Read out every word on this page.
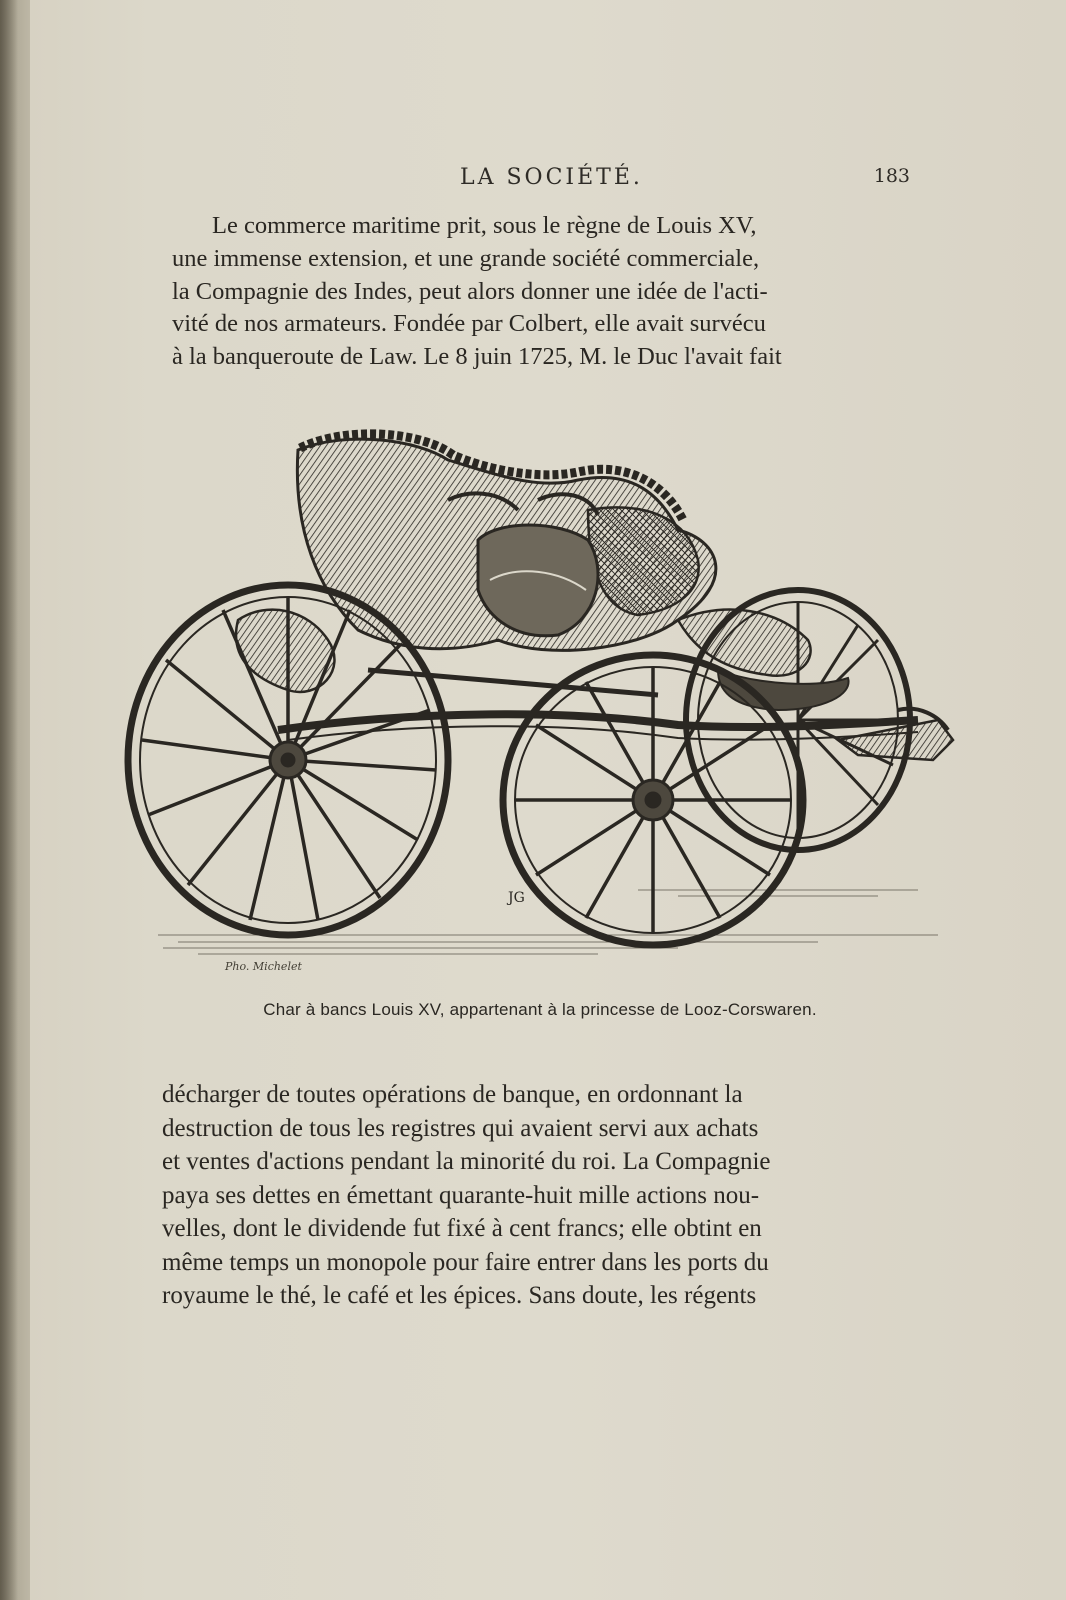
LA SOCIÉTÉ.	183
Le commerce maritime prit, sous le règne de Louis XV,
une immense extension, et une grande société commerciale,
la Compagnie des Indes, peut alors donner une idée de l'acti-
vité de nos armateurs. Fondée par Colbert, elle avait survécu
à la banqueroute de Law. Le 8 juin 1725, M. le Duc l'avait fait
JG
Pho. Michelet
Char à bancs Louis XV, appartenant à la princesse de Looz-Corswaren.
décharger de toutes opérations de banque, en ordonnant la
destruction de tous les registres qui avaient servi aux achats
et ventes d'actions pendant la minorité du roi. La Compagnie
paya ses dettes en émettant quarante-huit mille actions nou-
velles, dont le dividende fut fixé à cent francs; elle obtint en
même temps un monopole pour faire entrer dans les ports du
royaume le thé, le café et les épices. Sans doute, les régents
